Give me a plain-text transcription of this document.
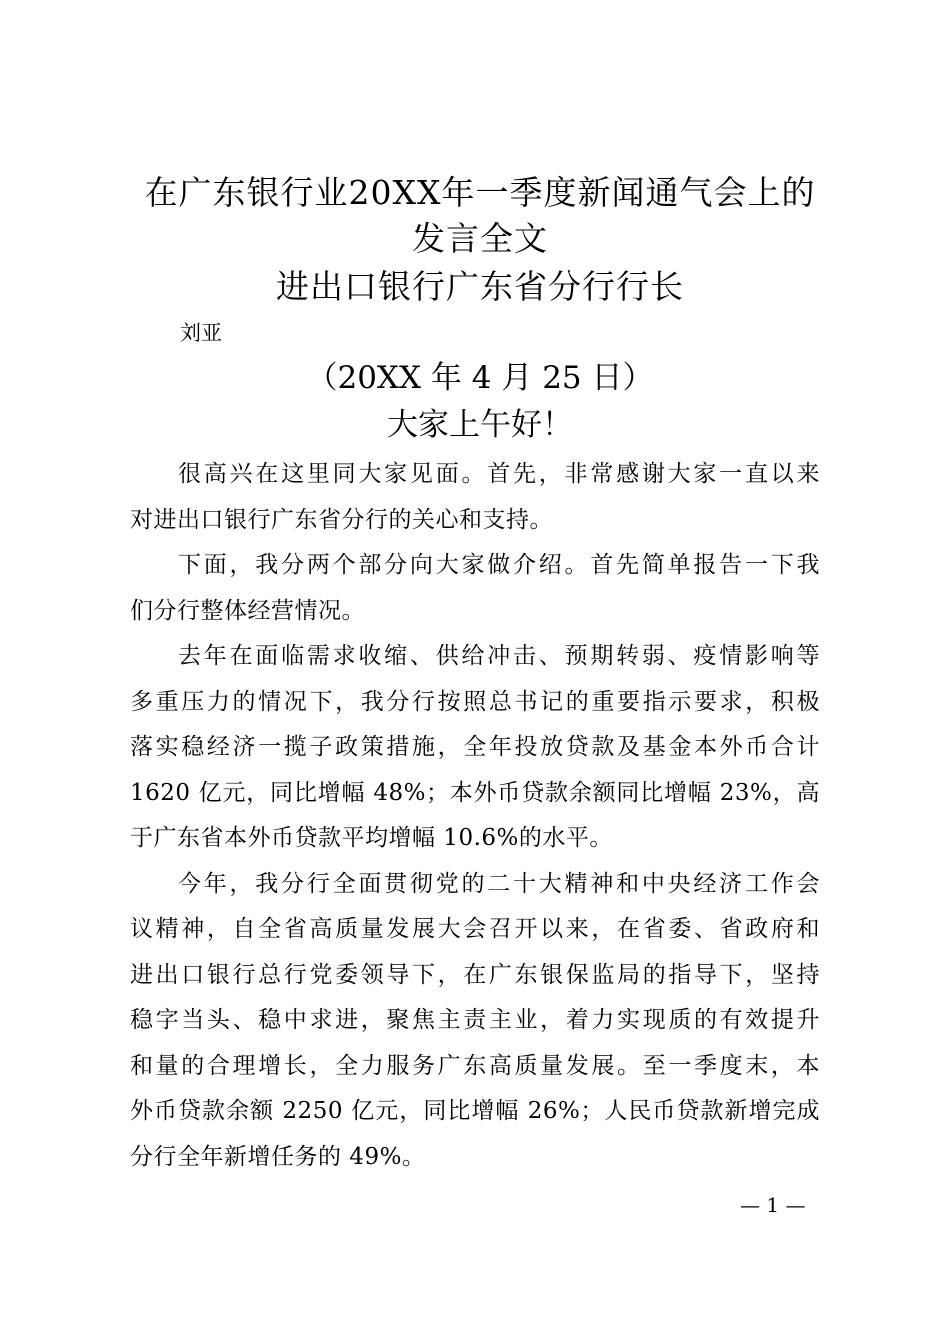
在广东银行业20XX年一季度新闻通气会上的
发言全文
进出口银行广东省分行行长
刘亚
（20XX 年 4 月 25 日）
大家上午好！
很高兴在这里同大家见面。首先，非常感谢大家一直以来
对进出口银行广东省分行的关心和支持。
下面，我分两个部分向大家做介绍。首先简单报告一下我
们分行整体经营情况。
去年在面临需求收缩、供给冲击、预期转弱、疫情影响等
多重压力的情况下，我分行按照总书记的重要指示要求，积极
落实稳经济一揽子政策措施，全年投放贷款及基金本外币合计
1620 亿元，同比增幅 48%；本外币贷款余额同比增幅 23%，高
于广东省本外币贷款平均增幅 10.6%的水平。
今年，我分行全面贯彻党的二十大精神和中央经济工作会
议精神，自全省高质量发展大会召开以来，在省委、省政府和
进出口银行总行党委领导下，在广东银保监局的指导下，坚持
稳字当头、稳中求进，聚焦主责主业，着力实现质的有效提升
和量的合理增长，全力服务广东高质量发展。至一季度末，本
外币贷款余额 2250 亿元，同比增幅 26%；人民币贷款新增完成
分行全年新增任务的 49%。
— 1 —
